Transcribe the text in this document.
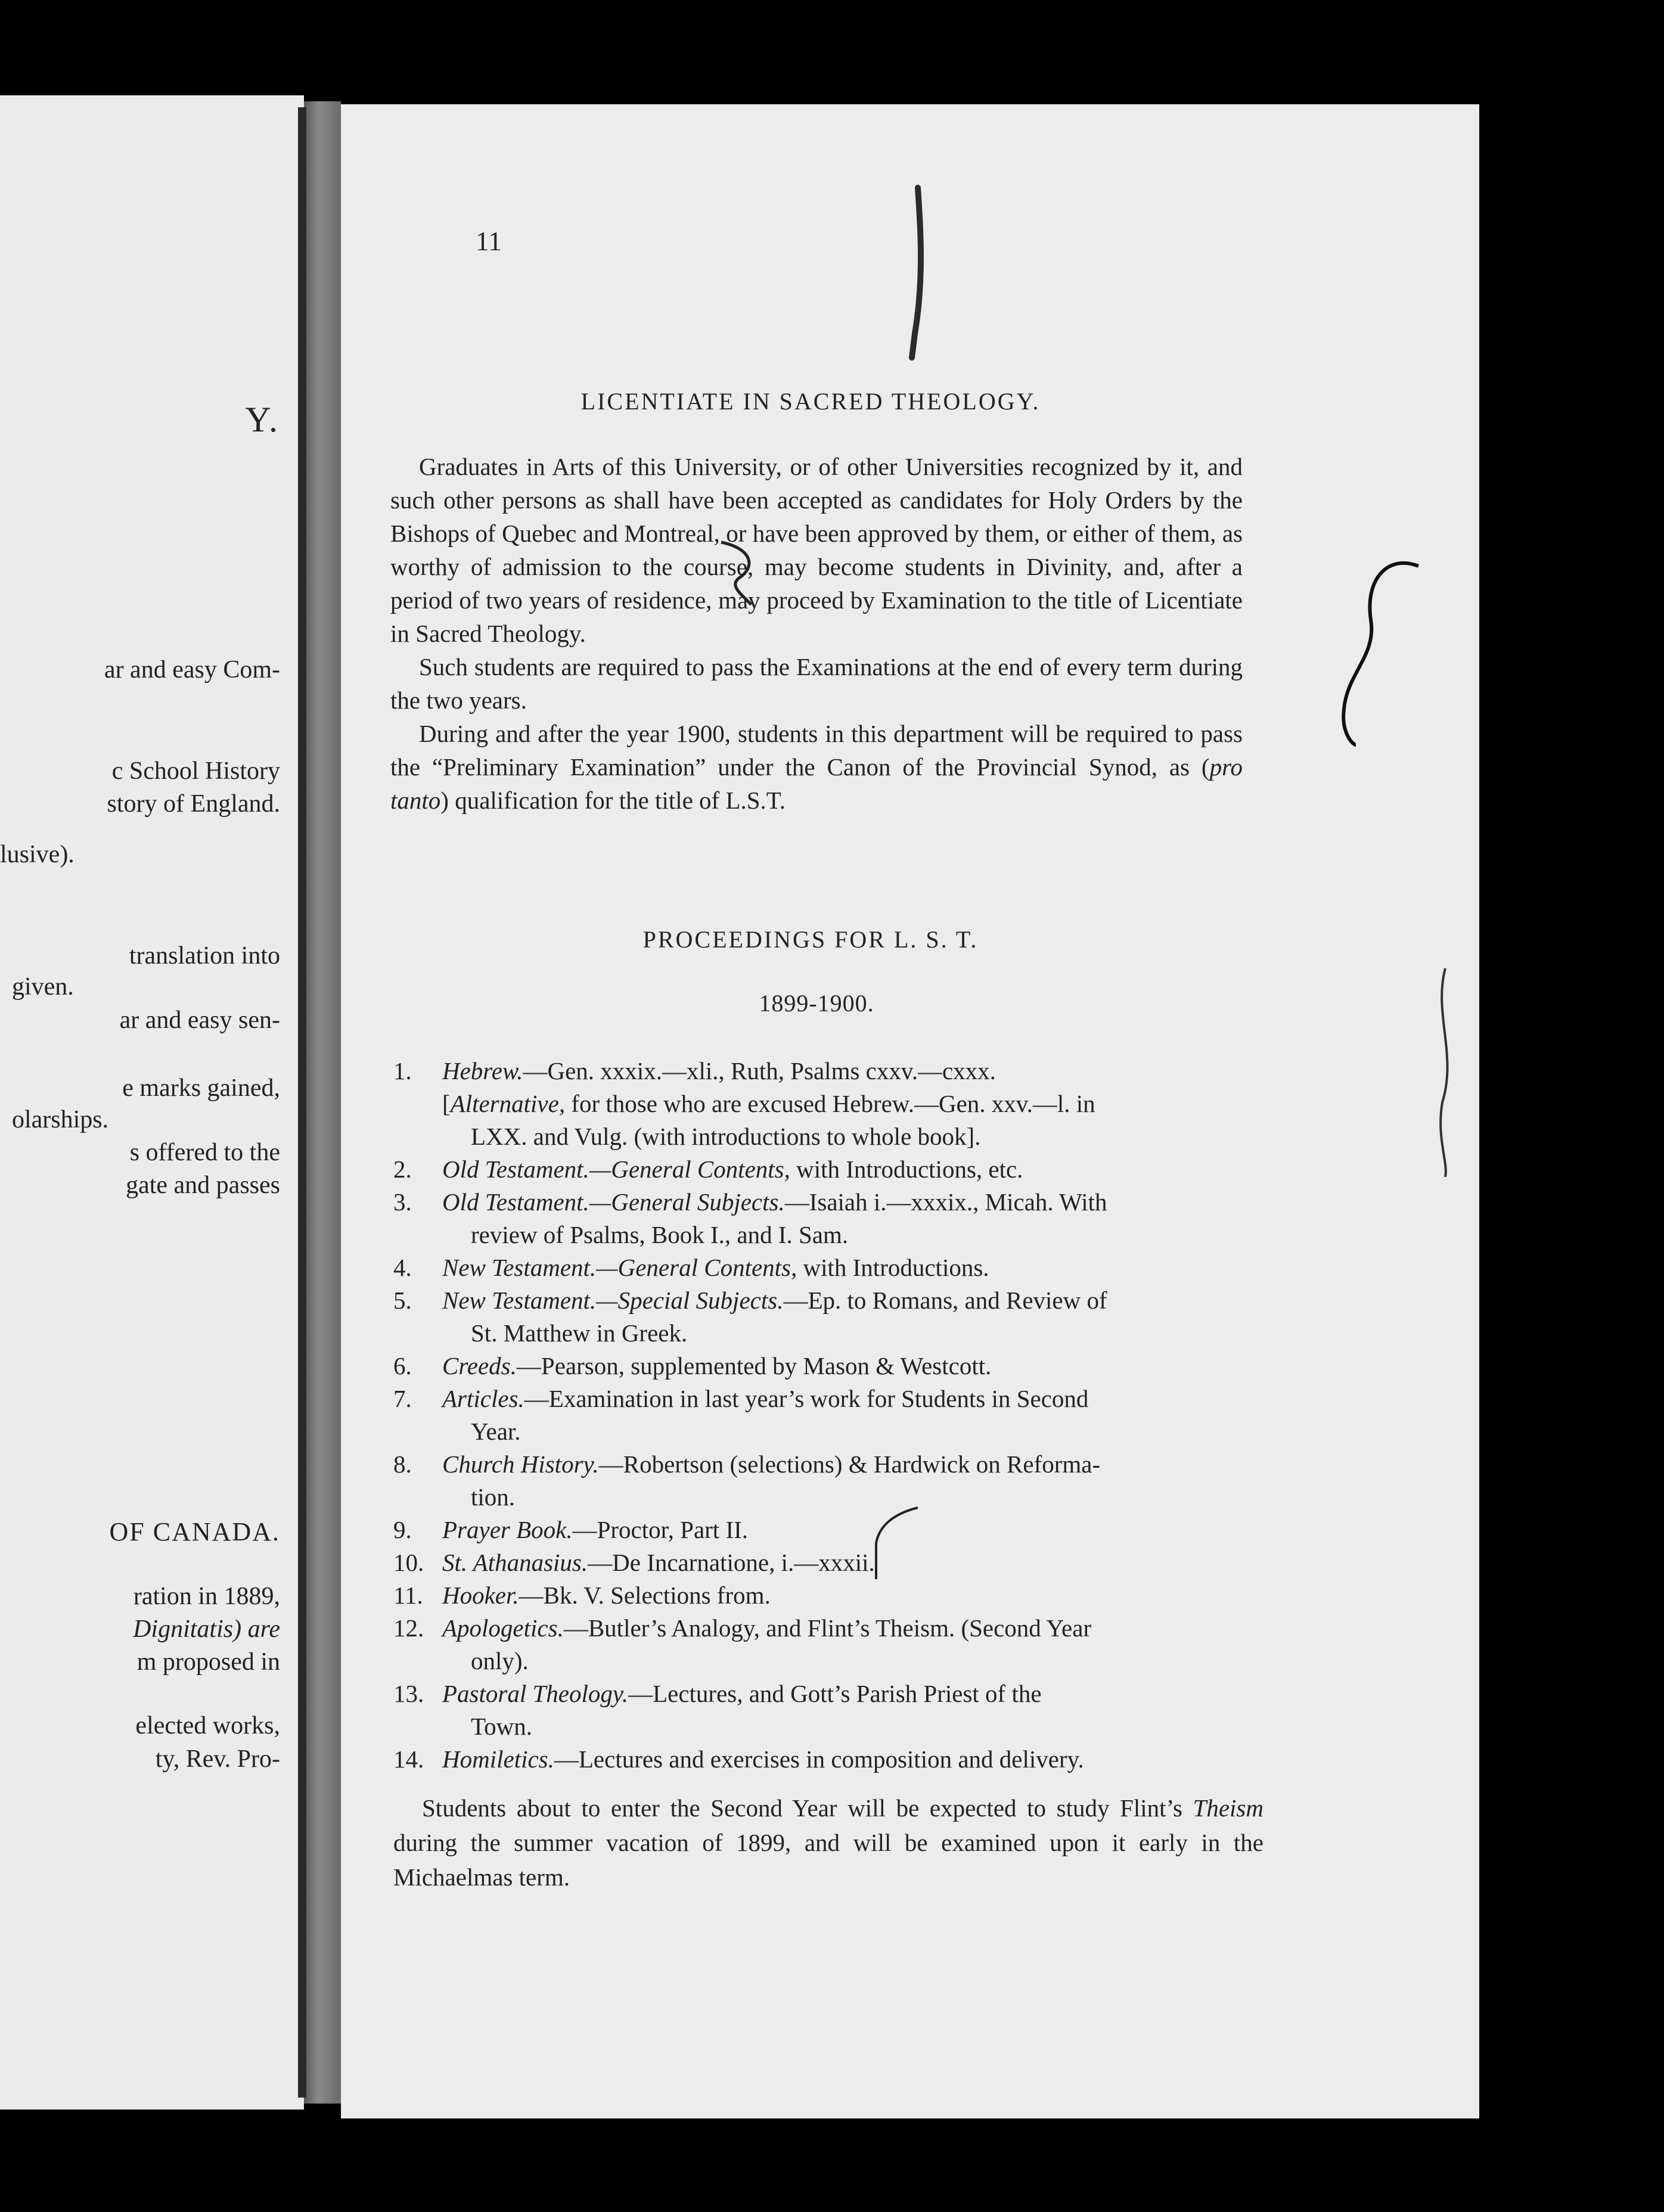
Y.
ar and easy Com-
c School History
story of England.
lusive).
translation into
given.
ar and easy sen-
e marks gained,
olarships.
s offered to the
gate and passes
OF CANADA.
ration in 1889,
Dignitatis) are
m proposed in
elected works,
ty, Rev. Pro-
11
LICENTIATE IN SACRED THEOLOGY.

Graduates in Arts of this University, or of other Universities recognized by it, and such other persons as shall have been accepted as candidates for Holy Orders by the Bishops of Quebec and Montreal, or have been approved by them, or either of them, as worthy of admission to the course, may become students in Divinity, and, after a period of two years of residence, may proceed by Examination to the title of Licentiate in Sacred Theology.

Such students are required to pass the Examinations at the end of every term during the two years.

During and after the year 1900, students in this department will be required to pass the “Preliminary Examination” under the Canon of the Provincial Synod, as (pro tanto) qualification for the title of L.S.T.

PROCEEDINGS FOR L. S. T.
1899-1900.
1.	Hebrew.—Gen. xxxix.—xli., Ruth, Psalms cxxv.—cxxx.
[Alternative, for those who are excused Hebrew.—Gen. xxv.—l. in
LXX. and Vulg. (with introductions to whole book].
2.	Old Testament.—General Contents, with Introductions, etc.
3.	Old Testament.—General Subjects.—Isaiah i.—xxxix., Micah. With
review of Psalms, Book I., and I. Sam.
4.	New Testament.—General Contents, with Introductions.
5.	New Testament.—Special Subjects.—Ep. to Romans, and Review of
St. Matthew in Greek.
6.	Creeds.—Pearson, supplemented by Mason & Westcott.
7.	Articles.—Examination in last year’s work for Students in Second
Year.
8.	Church History.—Robertson (selections) & Hardwick on Reforma-
tion.
9.	Prayer Book.—Proctor, Part II.
10. St. Athanasius.—De Incarnatione, i.—xxxii.
11. Hooker.—Bk. V. Selections from.
12. Apologetics.—Butler’s Analogy, and Flint’s Theism. (Second Year
only).
13. Pastoral Theology.—Lectures, and Gott’s Parish Priest of the
Town.
14. Homiletics.—Lectures and exercises in composition and delivery.

Students about to enter the Second Year will be expected to study Flint’s Theism during the summer vacation of 1899, and will be examined upon it early in the Michaelmas term.
